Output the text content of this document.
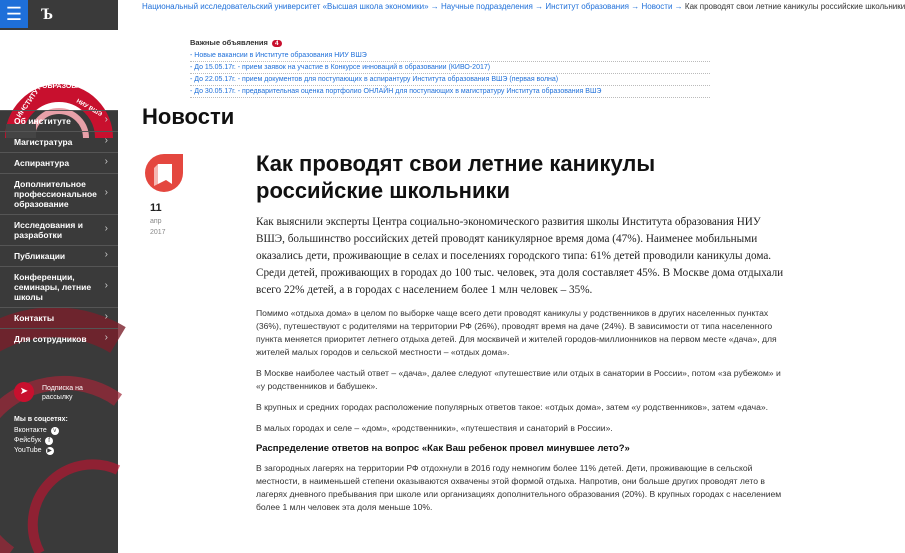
☰	Ъ
ИНСТИТУТ ОБРАЗОВАНИЯ
НИУ ВШЭ
Об институте	›
Магистратура	›
Аспирантура	›
Дополнительное профессиональное образование
›
Исследования и разработки
›
Публикации	›
Конференции, семинары, летние школы
›
Контакты	›
Для сотрудников ›
➤	Подписка на рассылку
Мы в соцсетях:
Вконтакте	v
Фейсбук	f
YouTube ▶
Национальный исследовательский университет «Высшая школа экономики» → Научные подразделения → Институт образования → Новости → Как проводят свои летние каникулы российские школьники
Важные объявления 4
- Новые вакансии в Институте образования НИУ ВШЭ
- До 15.05.17г. - прием заявок на участие в Конкурсе инноваций в образовании (КИВО-2017)
- До 22.05.17г. - прием документов для поступающих в аспирантуру Института образования ВШЭ (первая волна)
- До 30.05.17г. - предварительная оценка портфолио ОНЛАЙН для поступающих в магистратуру Института образования ВШЭ
Новости
11
апр
2017
Как проводят свои летние каникулы российские школьники

Как выяснили эксперты Центра социально-экономического развития школы Института образования НИУ ВШЭ, большинство российских детей проводят каникулярное время дома (47%). Наименее мобильными оказались дети, проживающие в селах и поселениях городского типа: 61% детей проводили каникулы дома. Среди детей, проживающих в городах до 100 тыс. человек, эта доля составляет 45%. В Москве дома отдыхали всего 22% детей, а в городах с населением более 1 млн человек – 35%.

Помимо «отдыха дома» в целом по выборке чаще всего дети проводят каникулы у родственников в других населенных пунктах (36%), путешествуют с родителями на территории РФ (26%), проводят время на даче (24%). В зависимости от типа населенного пункта меняется приоритет летнего отдыха детей. Для москвичей и жителей городов-миллионников на первом месте «дача», для жителей малых городов и сельской местности – «отдых дома».

В Москве наиболее частый ответ – «дача», далее следуют «путешествие или отдых в санатории в России», потом «за рубежом» и «у родственников и бабушек».

В крупных и средних городах расположение популярных ответов такое: «отдых дома», затем «у родственников», затем «дача».

В малых городах и селе – «дом», «родственники», «путешествия и санаторий в России».

Распределение ответов на вопрос «Как Ваш ребенок провел минувшее лето?»

В загородных лагерях на территории РФ отдохнули в 2016 году немногим более 11% детей. Дети, проживающие в сельской местности, в наименьшей степени оказываются охвачены этой формой отдыха. Напротив, они больше других проводят лето в лагерях дневного пребывания при школе или организациях дополнительного образования (20%). В крупных городах с населением более 1 млн человек эта доля меньше 10%.
